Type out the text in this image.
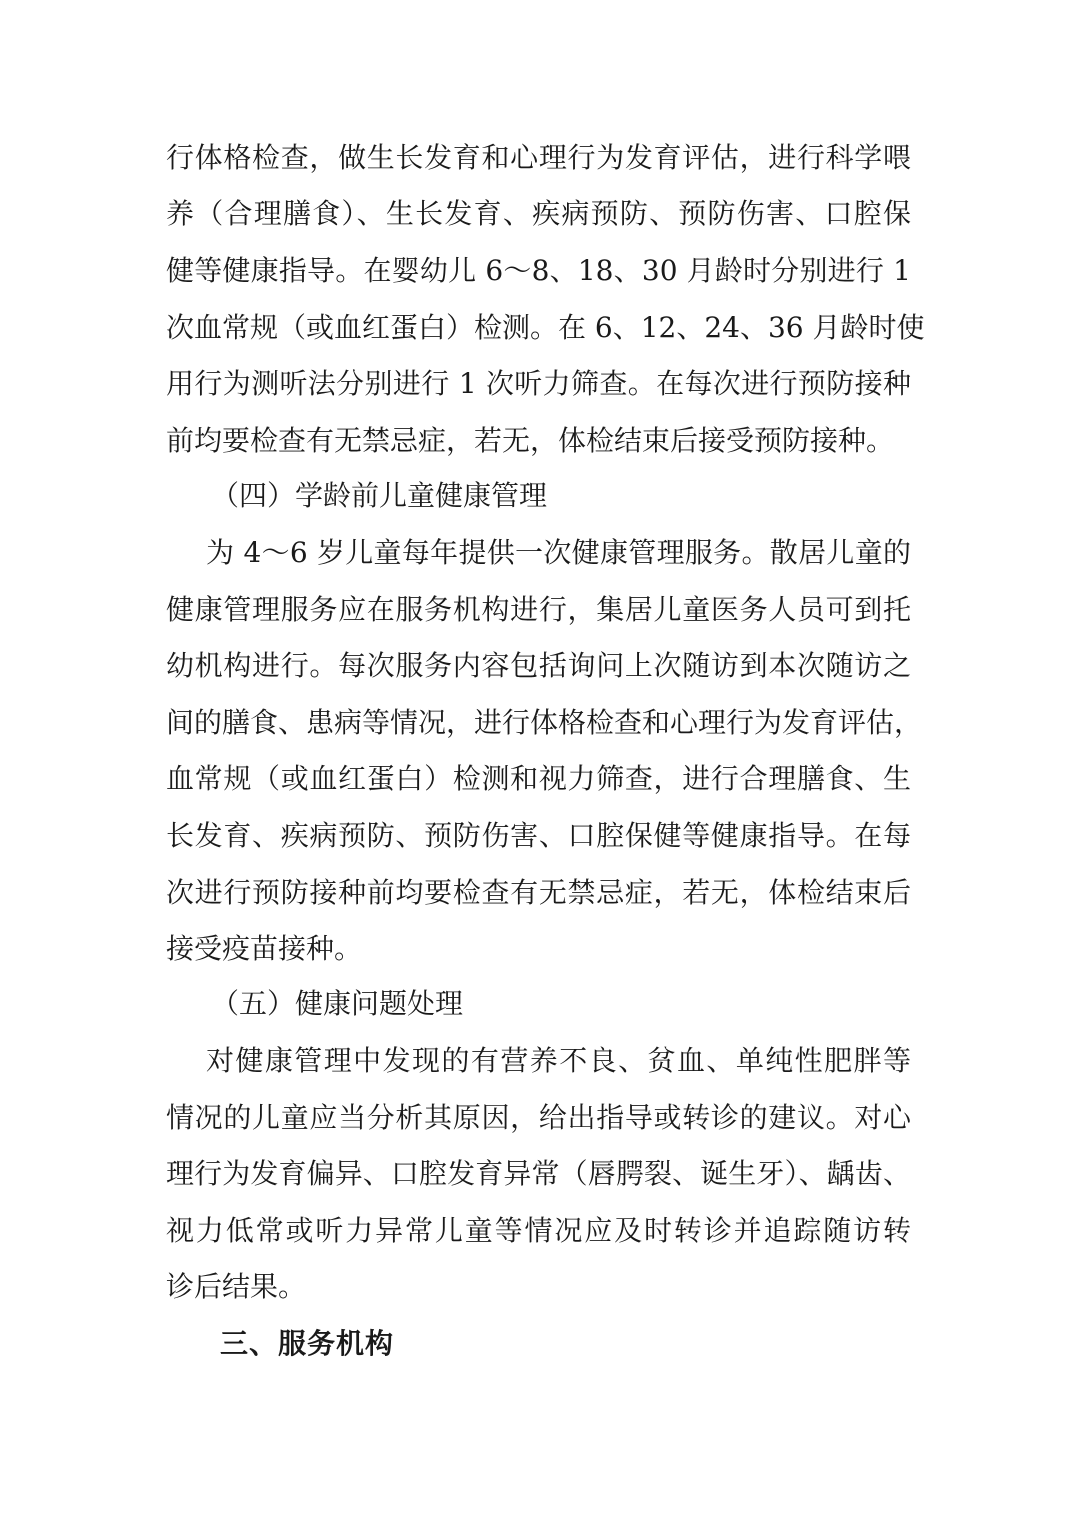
行体格检查，做生长发育和心理行为发育评估，进行科学喂
养（合理膳食）、生长发育、疾病预防、预防伤害、口腔保
健等健康指导。在婴幼儿 6～8、18、30 月龄时分别进行 1
次血常规（或血红蛋白）检测。在 6、12、24、36 月龄时使
用行为测听法分别进行 1 次听力筛查。在每次进行预防接种
前均要检查有无禁忌症，若无，体检结束后接受预防接种。
（四）学龄前儿童健康管理
为 4～6 岁儿童每年提供一次健康管理服务。散居儿童的
健康管理服务应在服务机构进行，集居儿童医务人员可到托
幼机构进行。每次服务内容包括询问上次随访到本次随访之
间的膳食、患病等情况，进行体格检查和心理行为发育评估，
血常规（或血红蛋白）检测和视力筛查，进行合理膳食、生
长发育、疾病预防、预防伤害、口腔保健等健康指导。在每
次进行预防接种前均要检查有无禁忌症，若无，体检结束后
接受疫苗接种。
（五）健康问题处理
对健康管理中发现的有营养不良、贫血、单纯性肥胖等
情况的儿童应当分析其原因，给出指导或转诊的建议。对心
理行为发育偏异、口腔发育异常（唇腭裂、诞生牙）、龋齿、
视力低常或听力异常儿童等情况应及时转诊并追踪随访转
诊后结果。
三、服务机构
